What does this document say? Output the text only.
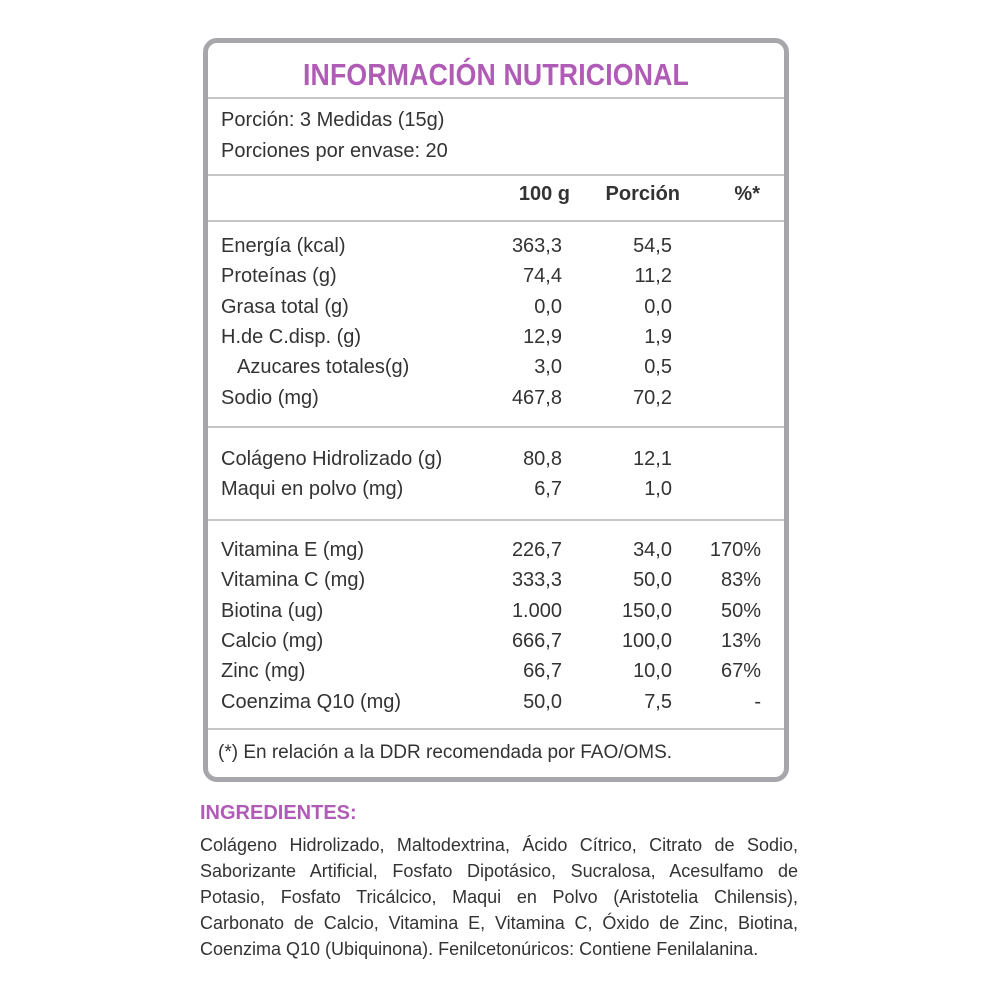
INFORMACIÓN NUTRICIONAL
Porción: 3 Medidas (15g)
Porciones por envase: 20
100 g Porción	%*
Energía (kcal)	363,3	54,5
Proteínas (g)	74,4	11,2
Grasa total (g)	0,0	0,0
H.de C.disp. (g)	12,9	1,9
Azucares totales(g)	3,0	0,5
Sodio (mg)	467,8	70,2
Colágeno Hidrolizado (g)	80,8	12,1
Maqui en polvo (mg)	6,7	1,0
Vitamina E (mg)	226,7	34,0 170%
Vitamina C (mg)	333,3	50,0 83%
Biotina (ug)	1.000	150,0 50%
Calcio (mg)	666,7	100,0 13%
Zinc (mg)	66,7	10,0 67%
Coenzima Q10 (mg)	50,0	7,5	-
(*) En relación a la DDR recomendada por FAO/OMS.
INGREDIENTES:
Colágeno Hidrolizado, Maltodextrina, Ácido Cítrico, Citrato de Sodio, Saborizante Artificial, Fosfato Dipotásico, Sucralosa, Acesulfamo de Potasio, Fosfato Tricálcico, Maqui en Polvo (Aristotelia Chilensis), Carbonato de Calcio, Vitamina E, Vitamina C, Óxido de Zinc, Biotina, Coenzima Q10 (Ubiquinona). Fenilcetonúricos: Contiene Fenilalanina.
